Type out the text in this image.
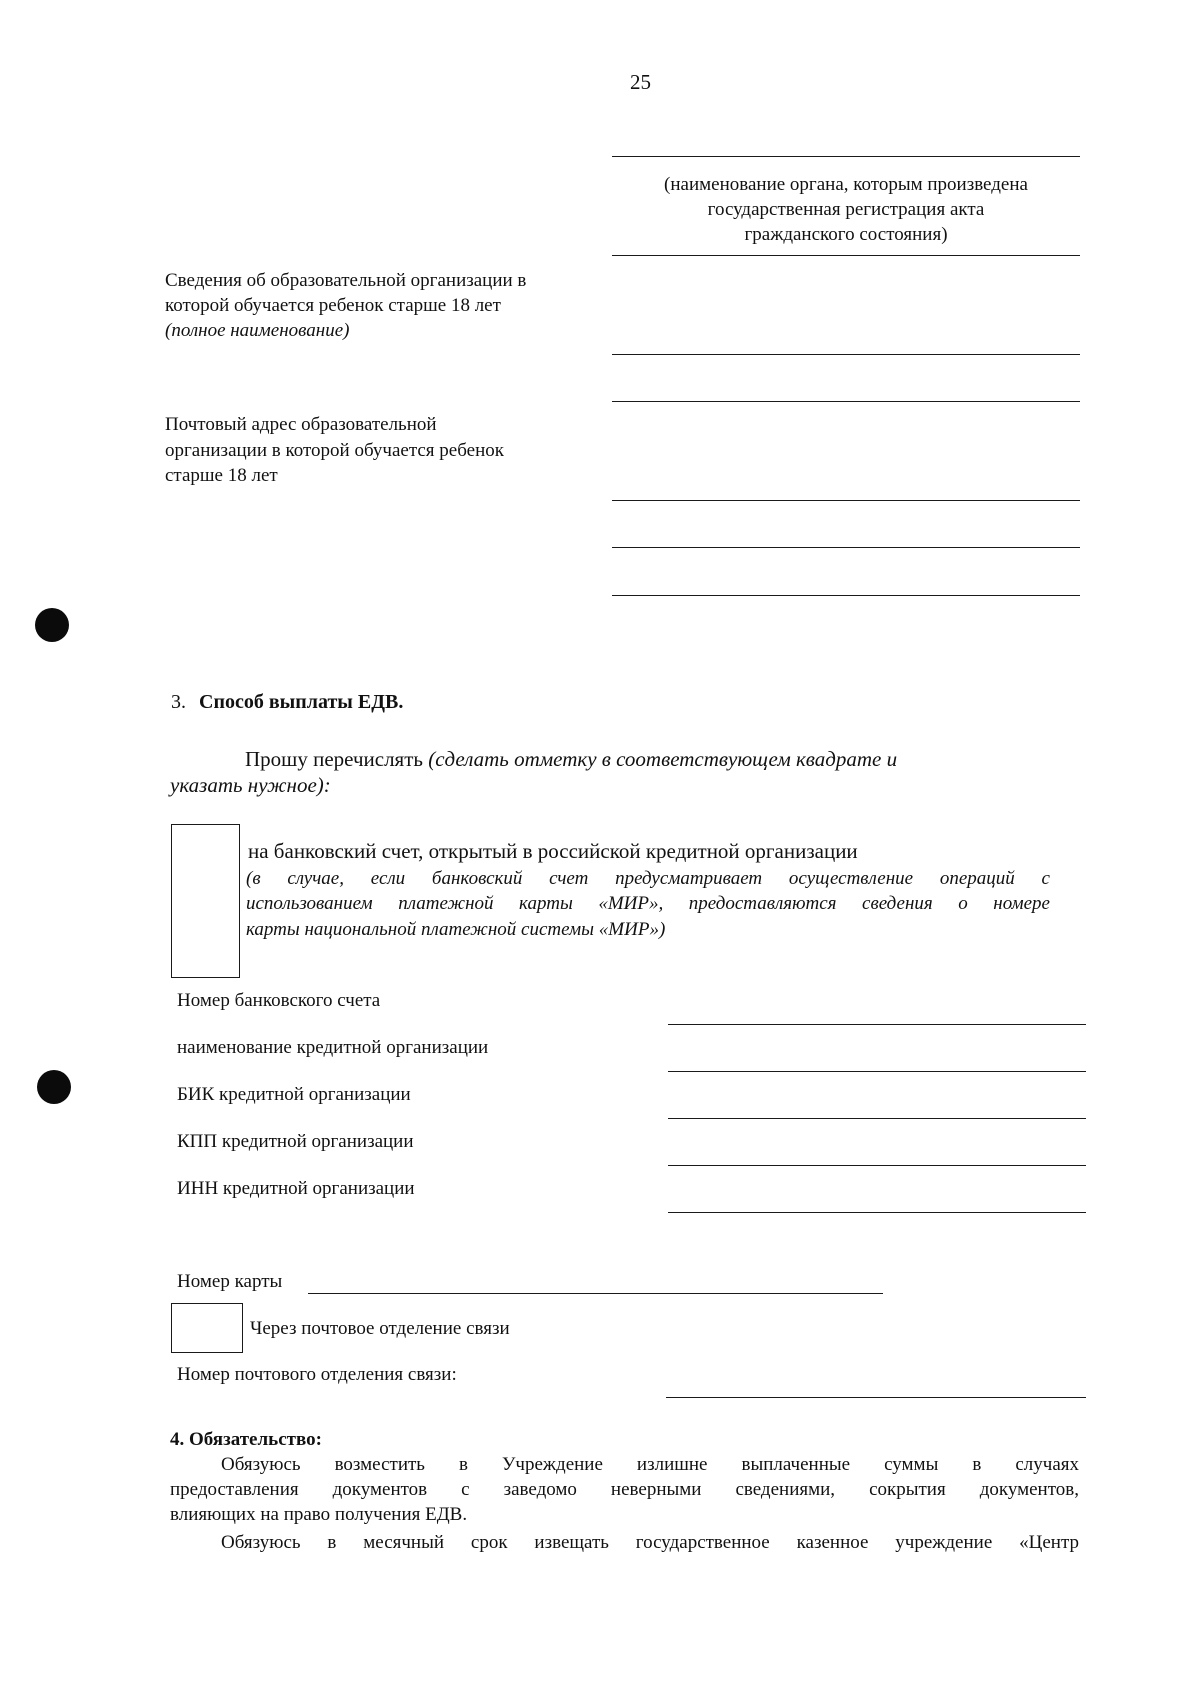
25
(наименование органа, которым произведена
государственная регистрация акта
гражданского состояния)
Сведения об образовательной организации в
которой обучается ребенок старше 18 лет
(полное наименование)
Почтовый адрес образовательной
организации в которой обучается ребенок
старше 18 лет
3. Способ выплаты ЕДВ.
Прошу перечислять (сделать отметку в соответствующем квадрате и
указать нужное):
на банковский счет, открытый в российской кредитной организации
(в случае, если банковский счет предусматривает осуществление операций с
использованием платежной карты «МИР», предоставляются сведения о номере
карты национальной платежной системы «МИР»)
Номер банковского счета
наименование кредитной организации
БИК кредитной организации
КПП кредитной организации
ИНН кредитной организации
Номер карты
Через почтовое отделение связи
Номер почтового отделения связи:
4. Обязательство:
Обязуюсь возместить в Учреждение излишне выплаченные суммы в случаях
предоставления документов с заведомо неверными сведениями, сокрытия документов,
влияющих на право получения ЕДВ.
Обязуюсь в месячный срок извещать государственное казенное учреждение «Центр
